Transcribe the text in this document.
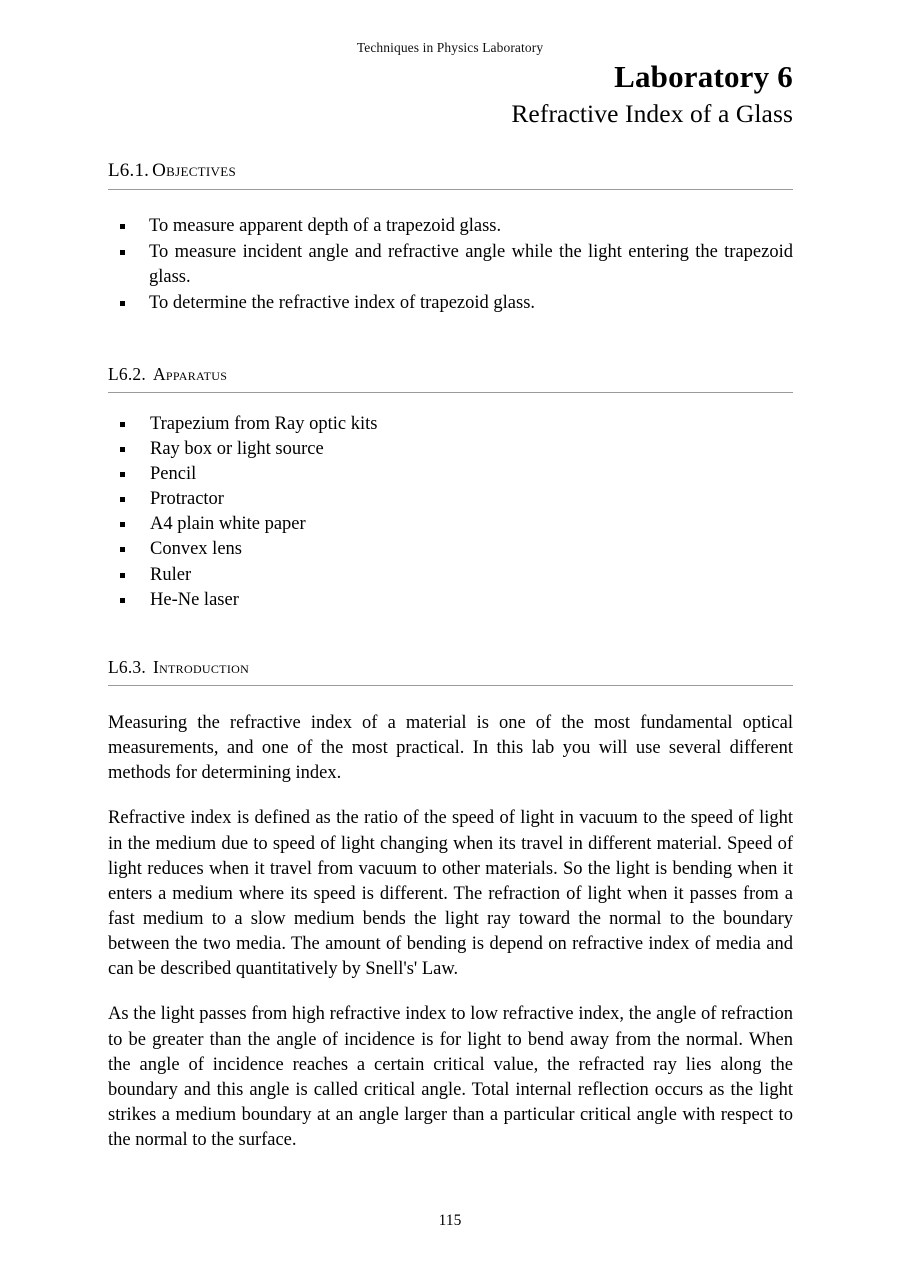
Techniques in Physics Laboratory
Laboratory 6
Refractive Index of a Glass
L6.1. Objectives
To measure apparent depth of a trapezoid glass.
To measure incident angle and refractive angle while the light entering the trapezoid glass.
To determine the refractive index of trapezoid glass.
L6.2. Apparatus
Trapezium from Ray optic kits
Ray box or light source
Pencil
Protractor
A4 plain white paper
Convex lens
Ruler
He-Ne laser
L6.3. Introduction

Measuring the refractive index of a material is one of the most fundamental optical measurements, and one of the most practical. In this lab you will use several different methods for determining index.

Refractive index is defined as the ratio of the speed of light in vacuum to the speed of light in the medium due to speed of light changing when its travel in different material. Speed of light reduces when it travel from vacuum to other materials. So the light is bending when it enters a medium where its speed is different. The refraction of light when it passes from a fast medium to a slow medium bends the light ray toward the normal to the boundary between the two media. The amount of bending is depend on refractive index of media and can be described quantitatively by Snell's' Law.

As the light passes from high refractive index to low refractive index, the angle of refraction to be greater than the angle of incidence is for light to bend away from the normal. When the angle of incidence reaches a certain critical value, the refracted ray lies along the boundary and this angle is called critical angle. Total internal reflection occurs as the light strikes a medium boundary at an angle larger than a particular critical angle with respect to the normal to the surface.

115
